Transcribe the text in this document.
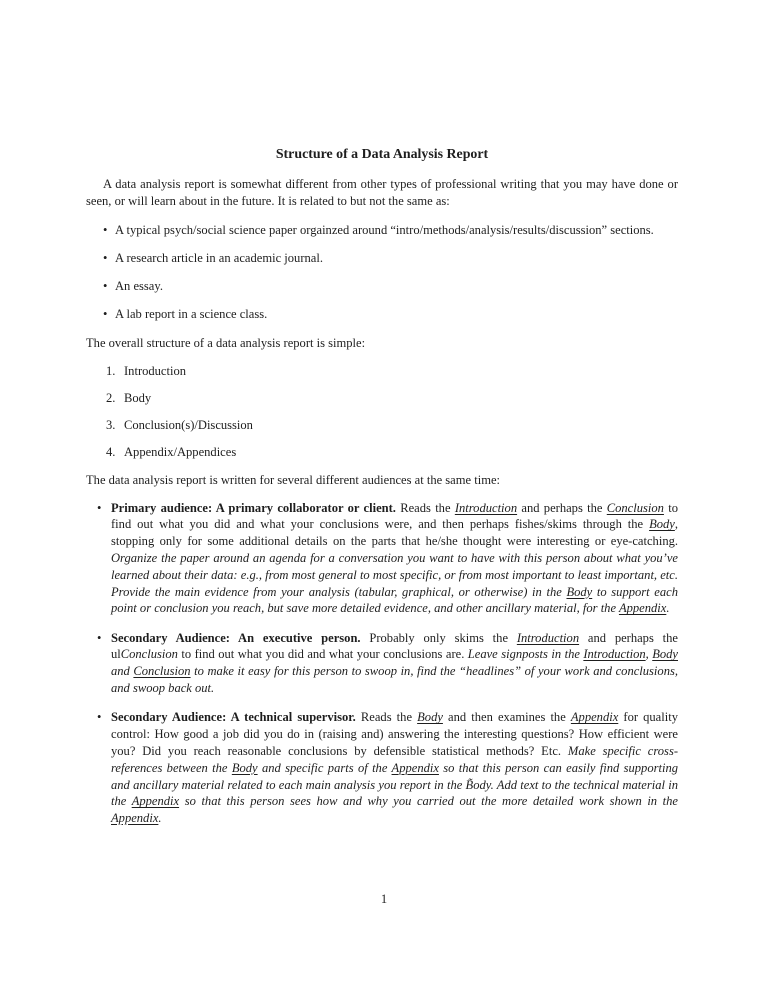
Structure of a Data Analysis Report

A data analysis report is somewhat different from other types of professional writing that you may have done or seen, or will learn about in the future. It is related to but not the same as:

• A typical psych/social science paper orgainzed around “intro/methods/analysis/results/discussion” sections.
• A research article in an academic journal.
• An essay.
• A lab report in a science class.

The overall structure of a data analysis report is simple:

1. Introduction
2. Body
3. Conclusion(s)/Discussion
4. Appendix/Appendices

The data analysis report is written for several different audiences at the same time:

• Primary audience: A primary collaborator or client. Reads the Introduction and perhaps the Conclusion to find out what you did and what your conclusions were, and then perhaps fishes/skims through the Body, stopping only for some additional details on the parts that he/she thought were interesting or eye-catching. Organize the paper around an agenda for a conversation you want to have with this person about what you’ve learned about their data: e.g., from most general to most specific, or from most important to least important, etc. Provide the main evidence from your analysis (tabular, graphical, or otherwise) in the Body to support each point or conclusion you reach, but save more detailed evidence, and other ancillary material, for the Appendix.
• Secondary Audience: An executive person. Probably only skims the Introduction and perhaps the ulConclusion to find out what you did and what your conclusions are. Leave signposts in the Introduction, Body and Conclusion to make it easy for this person to swoop in, find the “headlines” of your work and conclusions, and swoop back out.
• Secondary Audience: A technical supervisor. Reads the Body and then examines the Appendix for quality control: How good a job did you do in (raising and) answering the interesting questions? How efficient were you? Did you reach reasonable conclusions by defensible statistical methods? Etc. Make specific cross-references between the Body and specific parts of the Appendix so that this person can easily find supporting and ancillary material related to each main analysis you report in the B̃ody. Add text to the technical material in the Appendix so that this person sees how and why you carried out the more detailed work shown in the Appendix.
1
